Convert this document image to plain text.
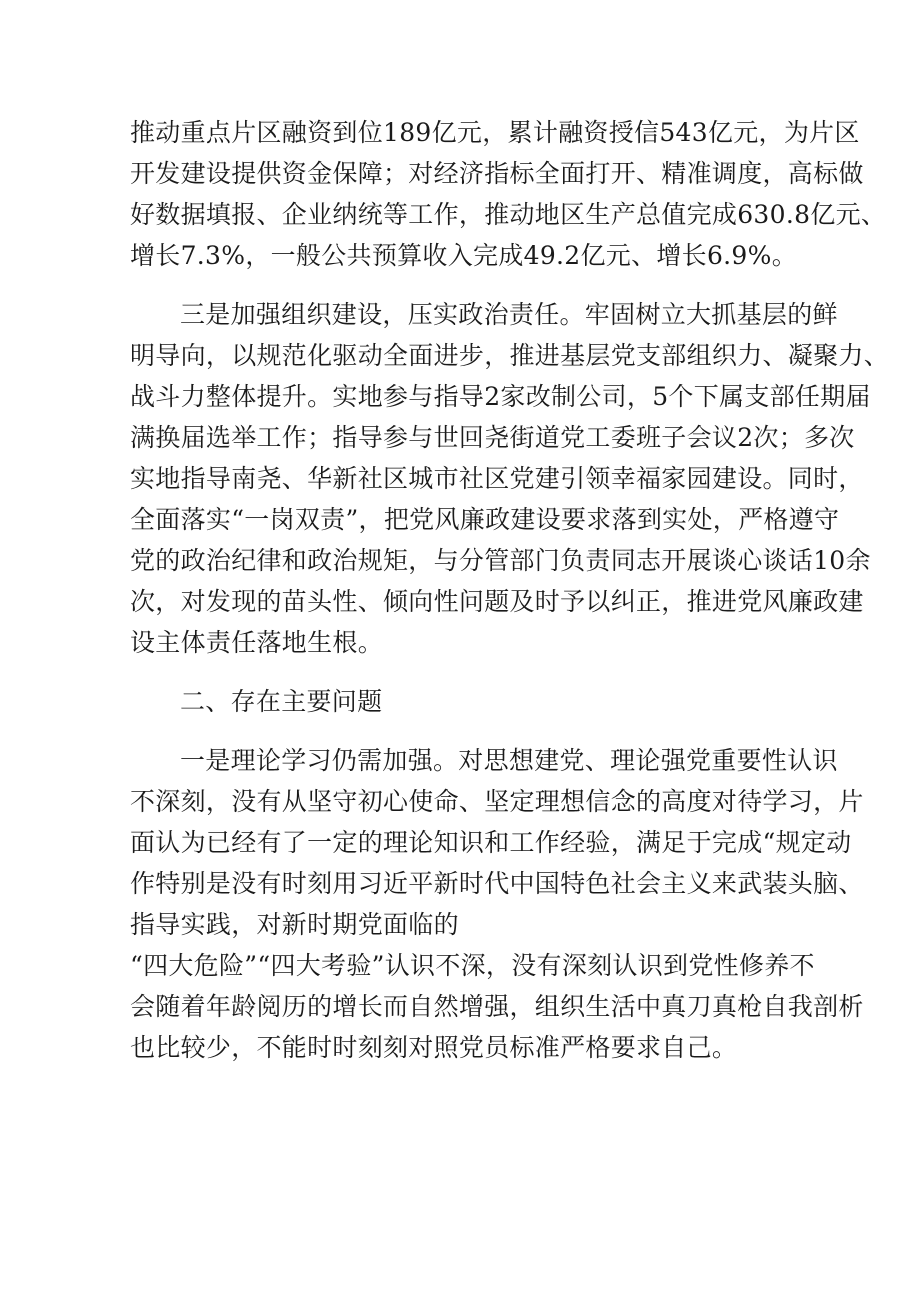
推动重点片区融资到位189亿元，累计融资授信543亿元，为片区
开发建设提供资金保障；对经济指标全面打开、精准调度，高标做
好数据填报、企业纳统等工作，推动地区生产总值完成630.8亿元、
增长7.3%，一般公共预算收入完成49.2亿元、增长6.9%。

三是加强组织建设，压实政治责任。牢固树立大抓基层的鲜
明导向，以规范化驱动全面进步，推进基层党支部组织力、凝聚力、
战斗力整体提升。实地参与指导2家改制公司，5个下属支部任期届
满换届选举工作；指导参与世回尧街道党工委班子会议2次；多次
实地指导南尧、华新社区城市社区党建引领幸福家园建设。同时，
全面落实“一岗双责”，把党风廉政建设要求落到实处，严格遵守
党的政治纪律和政治规矩，与分管部门负责同志开展谈心谈话10余
次，对发现的苗头性、倾向性问题及时予以纠正，推进党风廉政建
设主体责任落地生根。

二、存在主要问题

一是理论学习仍需加强。对思想建党、理论强党重要性认识
不深刻，没有从坚守初心使命、坚定理想信念的高度对待学习，片
面认为已经有了一定的理论知识和工作经验，满足于完成“规定动
作特别是没有时刻用习近平新时代中国特色社会主义来武装头脑、
指导实践，对新时期党面临的
“四大危险”“四大考验”认识不深，没有深刻认识到党性修养不
会随着年龄阅历的增长而自然增强，组织生活中真刀真枪自我剖析
也比较少，不能时时刻刻对照党员标准严格要求自己。
